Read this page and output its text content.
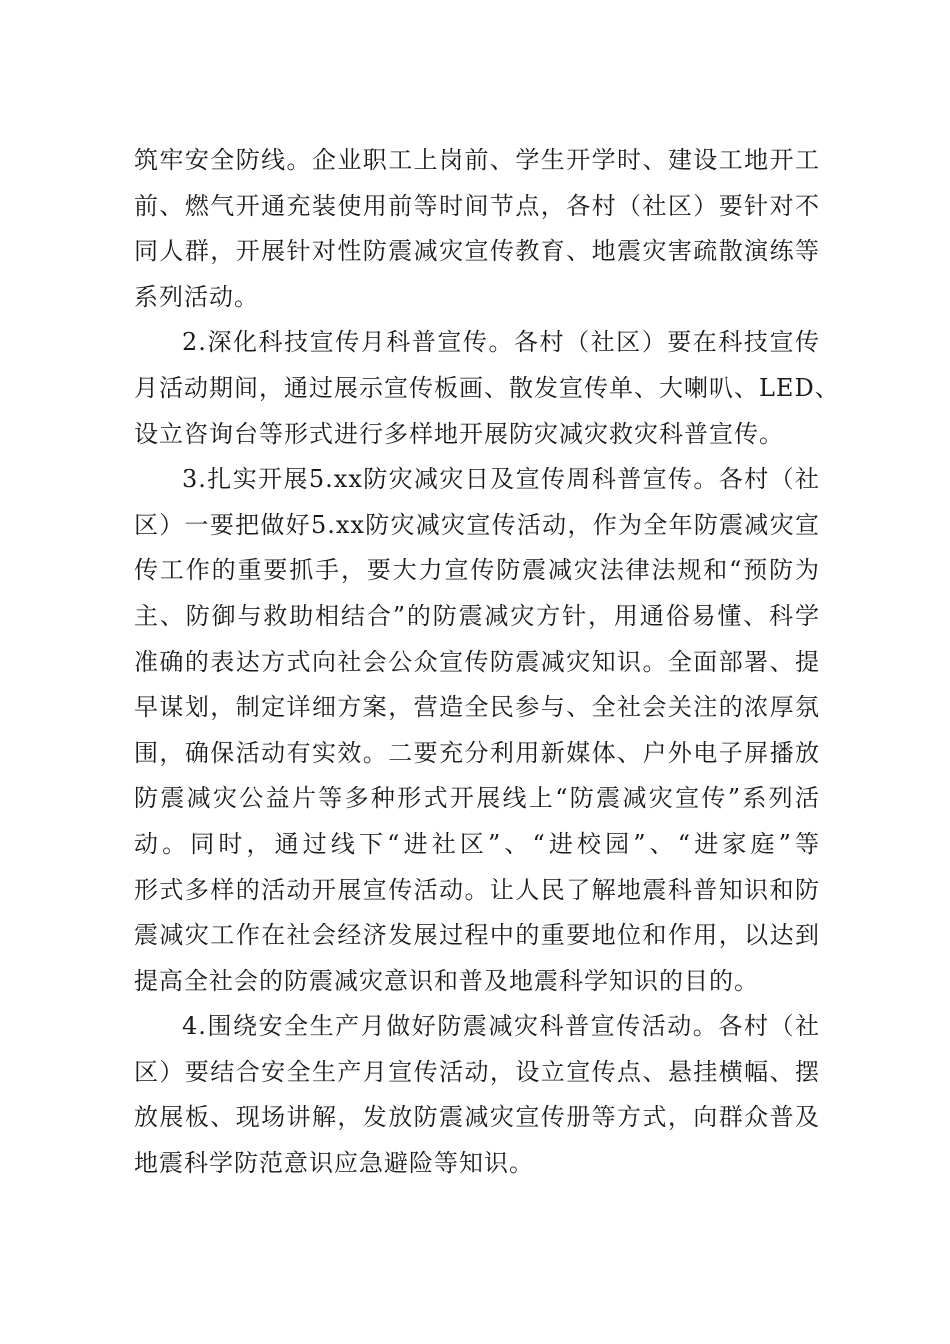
筑牢安全防线。企业职工上岗前、学生开学时、建设工地开工
前、燃气开通充装使用前等时间节点，各村（社区）要针对不
同人群，开展针对性防震减灾宣传教育、地震灾害疏散演练等
系列活动。

2.深化科技宣传月科普宣传。各村（社区）要在科技宣传
月活动期间，通过展示宣传板画、散发宣传单、大喇叭、LED、
设立咨询台等形式进行多样地开展防灾减灾救灾科普宣传。

3.扎实开展5.xx防灾减灾日及宣传周科普宣传。各村（社
区）一要把做好5.xx防灾减灾宣传活动，作为全年防震减灾宣
传工作的重要抓手，要大力宣传防震减灾法律法规和“预防为
主、防御与救助相结合”的防震减灾方针，用通俗易懂、科学
准确的表达方式向社会公众宣传防震减灾知识。全面部署、提
早谋划，制定详细方案，营造全民参与、全社会关注的浓厚氛
围，确保活动有实效。二要充分利用新媒体、户外电子屏播放
防震减灾公益片等多种形式开展线上“防震减灾宣传”系列活
动。同时，通过线下“进社区”、“进校园”、“进家庭”等
形式多样的活动开展宣传活动。让人民了解地震科普知识和防
震减灾工作在社会经济发展过程中的重要地位和作用，以达到
提高全社会的防震减灾意识和普及地震科学知识的目的。

4.围绕安全生产月做好防震减灾科普宣传活动。各村（社
区）要结合安全生产月宣传活动，设立宣传点、悬挂横幅、摆
放展板、现场讲解，发放防震减灾宣传册等方式，向群众普及
地震科学防范意识应急避险等知识。
